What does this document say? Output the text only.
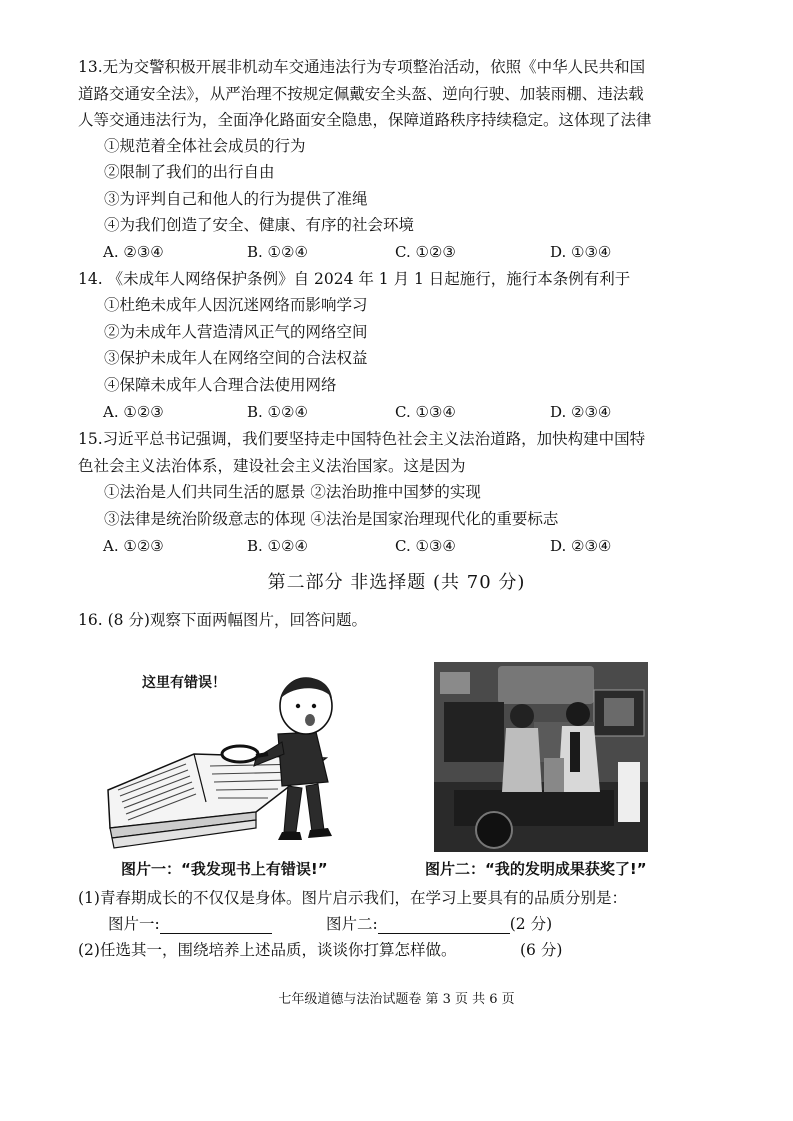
13.无为交警积极开展非机动车交通违法行为专项整治活动，依照《中华人民共和国
道路交通安全法》，从严治理不按规定佩戴安全头盔、逆向行驶、加装雨棚、违法载
人等交通违法行为，全面净化路面安全隐患，保障道路秩序持续稳定。这体现了法律
①规范着全体社会成员的行为
②限制了我们的出行自由
③为评判自己和他人的行为提供了准绳
④为我们创造了安全、健康、有序的社会环境
A. ②③④	B. ①②④	C. ①②③	D. ①③④
14. 《未成年人网络保护条例》自 2024 年 1 月 1 日起施行，施行本条例有利于
①杜绝未成年人因沉迷网络而影响学习
②为未成年人营造清风正气的网络空间
③保护未成年人在网络空间的合法权益
④保障未成年人合理合法使用网络
A. ①②③	B. ①②④	C. ①③④	D. ②③④
15.习近平总书记强调，我们要坚持走中国特色社会主义法治道路，加快构建中国特
色社会主义法治体系，建设社会主义法治国家。这是因为
①法治是人们共同生活的愿景 ②法治助推中国梦的实现
③法律是统治阶级意志的体现 ④法治是国家治理现代化的重要标志
A. ①②③	B. ①②④	C. ①③④	D. ②③④
第二部分 非选择题 (共 70 分)
16. (8 分)观察下面两幅图片，回答问题。
这里有错误！
图片一：“我发现书上有错误!”	图片二：“我的发明成果获奖了!”
(1)青春期成长的不仅仅是身体。图片启示我们，在学习上要具有的品质分别是：
图片一:	图片二:	(2 分)
(2)任选其一，围绕培养上述品质，谈谈你打算怎样做。	(6 分)
七年级道德与法治试题卷 第 3 页 共 6 页
